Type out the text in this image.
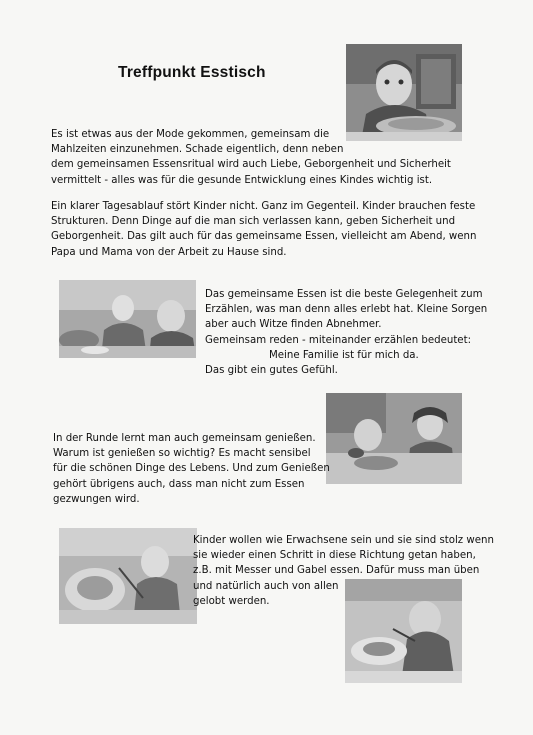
Treffpunkt Esstisch

Es ist etwas aus der Mode gekommen, gemeinsam die
Mahlzeiten einzunehmen. Schade eigentlich, denn neben
dem gemeinsamen Essensritual wird auch Liebe, Geborgenheit und Sicherheit
vermittelt - alles was für die gesunde Entwicklung eines Kindes wichtig ist.

Ein klarer Tagesablauf stört Kinder nicht. Ganz im Gegenteil. Kinder brauchen feste
Strukturen. Denn Dinge auf die man sich verlassen kann, geben Sicherheit und
Geborgenheit. Das gilt auch für das gemeinsame Essen, vielleicht am Abend, wenn
Papa und Mama von der Arbeit zu Hause sind.

Das gemeinsame Essen ist die beste Gelegenheit zum
Erzählen, was man denn alles erlebt hat. Kleine Sorgen
aber auch Witze finden Abnehmer.
Gemeinsam reden - miteinander erzählen bedeutet:
Meine Familie ist für mich da.
Das gibt ein gutes Gefühl.

In der Runde lernt man auch gemeinsam genießen.
Warum ist genießen so wichtig? Es macht sensibel
für die schönen Dinge des Lebens. Und zum Genießen
gehört übrigens auch, dass man nicht zum Essen
gezwungen wird.

Kinder wollen wie Erwachsene sein und sie sind stolz wenn
sie wieder einen Schritt in diese Richtung getan haben,
z.B. mit Messer und Gabel essen. Dafür muss man üben
und natürlich auch von allen
gelobt werden.
